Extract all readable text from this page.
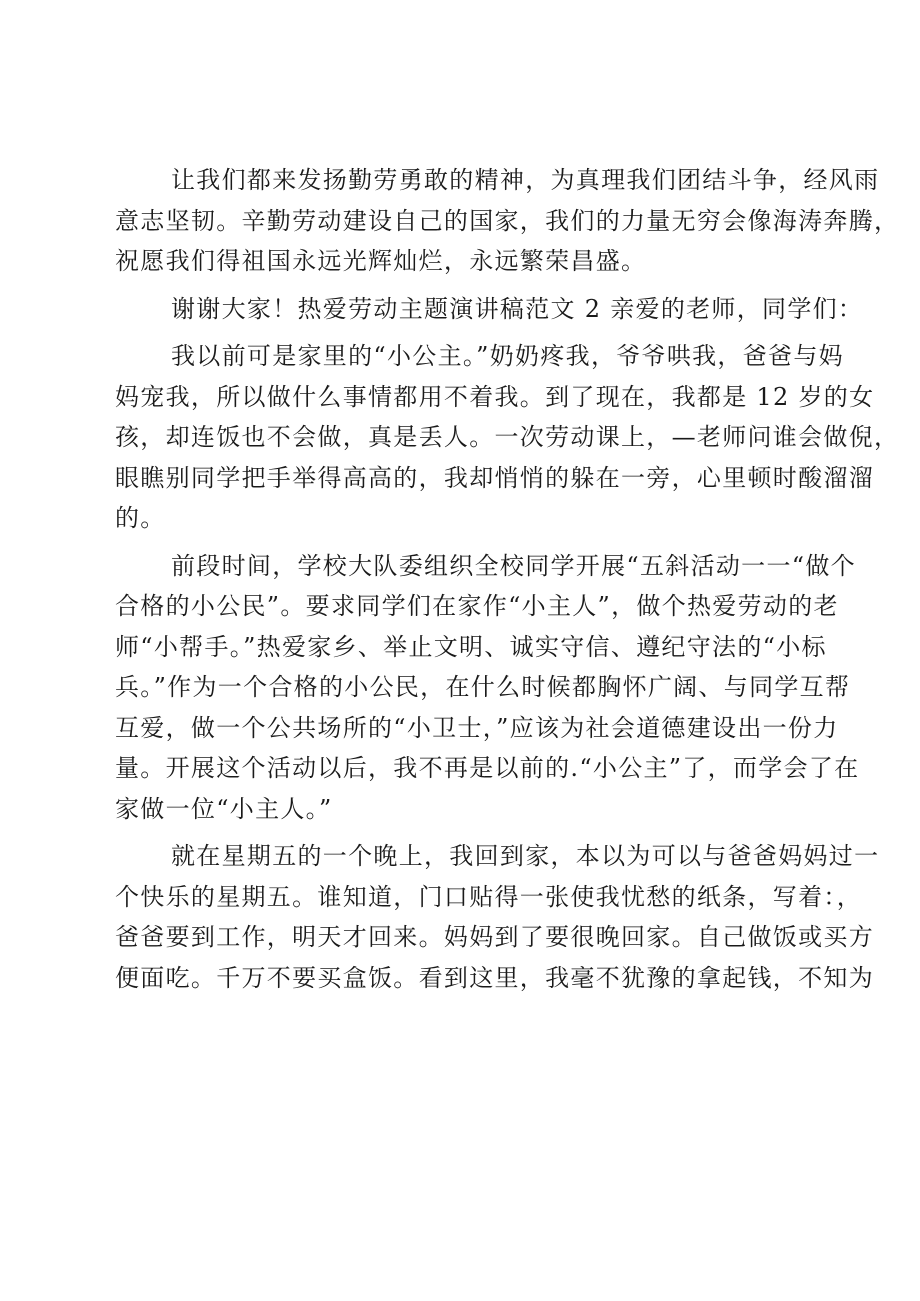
让我们都来发扬勤劳勇敢的精神，为真理我们团结斗争，经风雨
意志坚韧。辛勤劳动建设自己的国家，我们的力量无穷会像海涛奔腾，
祝愿我们得祖国永远光辉灿烂，永远繁荣昌盛。

谢谢大家！热爱劳动主题演讲稿范文 2 亲爱的老师，同学们：

我以前可是家里的“小公主。”奶奶疼我，爷爷哄我，爸爸与妈
妈宠我，所以做什么事情都用不着我。到了现在，我都是 12 岁的女
孩，却连饭也不会做，真是丢人。一次劳动课上，—老师问谁会做倪，
眼瞧别同学把手举得高高的，我却悄悄的躲在一旁，心里顿时酸溜溜
的。

前段时间，学校大队委组织全校同学开展“五斜活动一一“做个
合格的小公民”。要求同学们在家作“小主人”，做个热爱劳动的老
师“小帮手。”热爱家乡、举止文明、诚实守信、遵纪守法的“小标
兵。”作为一个合格的小公民，在什么时候都胸怀广阔、与同学互帮
互爱，做一个公共场所的“小卫士，”应该为社会道德建设出一份力
量。开展这个活动以后，我不再是以前的.“小公主”了，而学会了在
家做一位“小主人。”

就在星期五的一个晚上，我回到家，本以为可以与爸爸妈妈过一
个快乐的星期五。谁知道，门口贴得一张使我忧愁的纸条，写着：，
爸爸要到工作，明天才回来。妈妈到了要很晚回家。自己做饭或买方
便面吃。千万不要买盒饭。看到这里，我毫不犹豫的拿起钱，不知为
